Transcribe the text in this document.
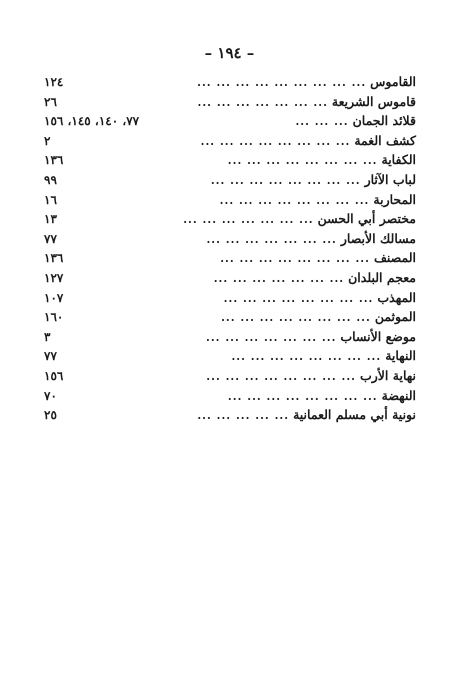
– ١٩٤ –
القاموس
... ... ... ... ... ... ... ... ...
١٢٤
قاموس الشريعة
... ... ... ... ... ... ...
٢٦
قلائد الجمان
... ... ...
٧٧، ١٤٠، ١٤٥، ١٥٦
كشف الغمة
... ... ... ... ... ... ... ...
٢
الكفاية
... ... ... ... ... ... ... ...
١٣٦
لباب الآثار
... ... ... ... ... ... ... ...
٩٩
المحاربة
... ... ... ... ... ... ... ...
١٦
مختصر أبي الحسن
... ... ... ... ... ... ...
١٣
مسالك الأبصار
... ... ... ... ... ... ...
٧٧
المصنف
... ... ... ... ... ... ... ...
١٣٦
معجم البلدان
... ... ... ... ... ... ...
١٢٧
المهذب
... ... ... ... ... ... ... ...
١٠٧
الموثمن
... ... ... ... ... ... ... ...
١٦٠
موضع الأنساب
... ... ... ... ... ... ...
٣
النهاية
... ... ... ... ... ... ... ...
٧٧
نهاية الأرب
... ... ... ... ... ... ... ...
١٥٦
النهضة
... ... ... ... ... ... ... ...
٧٠
نونية أبي مسلم العمانية
... ... ... ... ...
٢٥
